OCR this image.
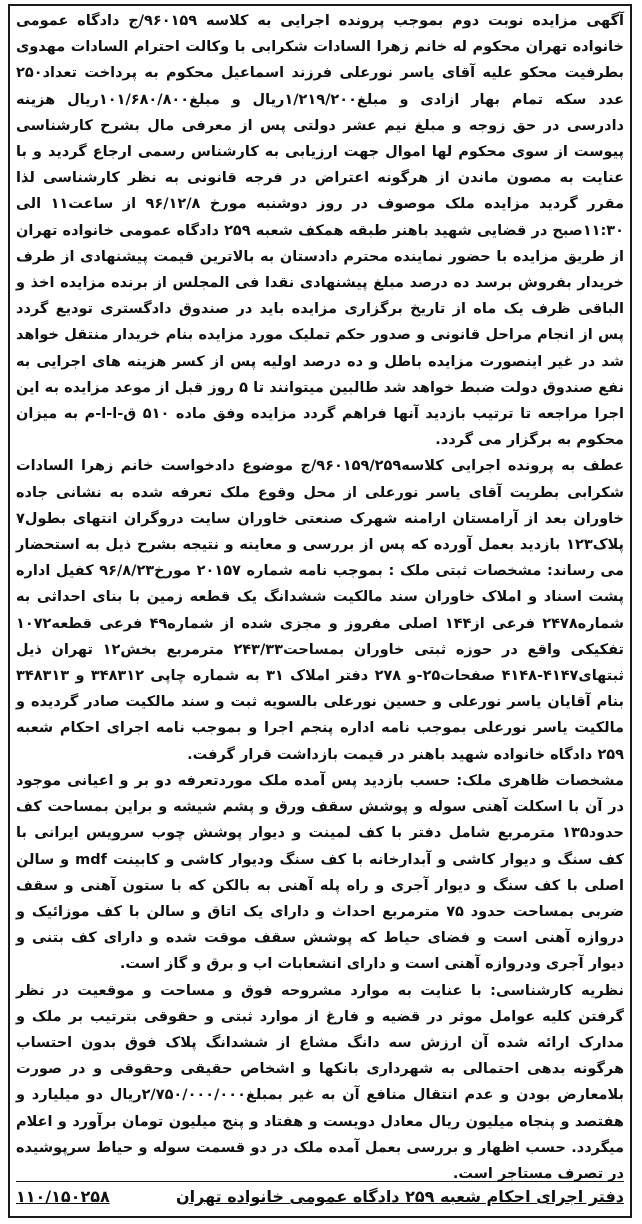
آگهی مزایده نوبت دوم بموجب پرونده اجرایی به کلاسه ۹۶۰۱۵۹/ج دادگاه عمومی خانواده تهران محکوم له خانم زهرا السادات شکرابی با وکالت احترام السادات مهدوی بطرفیت محکو علیه آقای یاسر نورعلی فرزند اسماعیل محکوم به پرداخت تعداد۲۵۰ عدد سکه تمام بهار ازادی و مبلغ۱/۲۱۹/۲۰۰ریال و مبلغ۱۰۱/۶۸۰/۸۰۰ریال هزینه دادرسی در حق زوجه و مبلغ نیم عشر دولتی پس از معرفی مال بشرح کارشناسی پیوست از سوی محکوم لها اموال جهت ارزیابی به کارشناس رسمی ارجاع گردید و با عنایت به مصون ماندن از هرگونه اعتراض در فرجه قانونی به نظر کارشناسی لذا مقرر گردید مزایده ملک موصوف در روز دوشنبه مورخ ۹۶/۱۲/۸ از ساعت۱۱ الی ۱۱:۳۰صبح در قضایی شهید باهنر طبقه همکف شعبه ۲۵۹ دادگاه عمومی خانواده تهران از طریق مزایده با حضور نماینده محترم دادستان به بالاترین قیمت پیشنهادی از طرف خریدار بفروش برسد ده درصد مبلغ پیشنهادی نقدا فی المجلس از برنده مزایده اخذ و الباقی ظرف یک ماه از تاریخ برگزاری مزایده باید در صندوق دادگستری تودیع گردد پس از انجام مراحل قانونی و صدور حکم تملیک مورد مزایده بنام خریدار منتقل خواهد شد در غیر اینصورت مزایده باطل و ده درصد اولیه پس از کسر هزینه های اجرایی به نفع صندوق دولت ضبط خواهد شد طالبین میتوانند تا ۵ روز قبل از موعد مزایده به این اجرا مراجعه تا ترتیب بازدید آنها فراهم گردد مزایده وفق ماده ۵۱۰ ق-ا-ا-م به میزان محکوم به برگزار می گردد.

عطف به پرونده اجرایی کلاسه۹۶۰۱۵۹/۲۵۹/ج موضوع دادخواست خانم زهرا السادات شکرابی بطریت آقای یاسر نورعلی از محل وقوع ملک تعرفه شده به نشانی جاده خاوران بعد از آرامستان ارامنه شهرک صنعتی خاوران سایت دروگران انتهای بطول۷ پلاک۱۲۳ بازدید بعمل آورده که پس از بررسی و معاینه و نتیجه بشرح ذیل به استحضار می رساند: مشخصات ثبتی ملک : بموجب نامه شماره ۲۰۱۵۷ مورخ۹۶/۸/۲۳ کفیل اداره پشت اسناد و املاک خاوران سند مالکیت ششدانگ یک قطعه زمین با بنای احداثی به شماره۲۴۷۸ فرعی از۱۴۴ اصلی مفروز و مجزی شده از شماره۴۹ فرعی قطعه۱۰۷۲ تفکیکی واقع در حوزه ثبتی خاوران بمساحت۲۴۳/۳۳ مترمربع بخش۱۲ تهران ذیل ثبتهای۴۱۴۷-۴۱۴۸ صفحات۲۵-و ۲۷۸ دفتر املاک ۳۱ به شماره چاپی ۳۴۸۳۱۲ و ۳۴۸۳۱۳ بنام آقایان یاسر نورعلی و حسین نورعلی بالسویه ثبت و سند مالکیت صادر گردیده و مالکیت یاسر نورعلی بموجب نامه اداره پنجم اجرا و بموجب نامه اجرای احکام شعبه ۲۵۹ دادگاه خانواده شهید باهنر در قیمت بازداشت قرار گرفت.

مشخصات ظاهری ملک: حسب بازدید پس آمده ملک موردتعرفه دو بر و اعیانی موجود در آن با اسکلت آهنی سوله و پوشش سقف ورق و پشم شیشه و براین بمساحت کف حدود۱۳۵ مترمربع شامل دفتر با کف لمینت و دیوار پوشش چوب سرویس ایرانی با کف سنگ و دیوار کاشی و آبدارخانه با کف سنگ ودیوار کاشی و کابینت mdf و سالن اصلی با کف سنگ و دیوار آجری و راه پله آهنی به بالکن که با ستون آهنی و سقف ضربی بمساحت حدود ۷۵ مترمربع احداث و دارای یک اتاق و سالن با کف موزائیک و دروازه آهنی است و فضای حیاط که پوشش سقف موقت شده و دارای کف بتنی و دیوار آجری ودروازه آهنی است و دارای انشعابات اب و برق و گاز است.

نظریه کارشناسی: با عنایت به موارد مشروحه فوق و مساحت و موقعیت در نظر گرفتن کلیه عوامل موثر در قضیه و فارغ از موارد ثبتی و حقوقی بترتیب بر ملک و مدارک ارائه شده آن ارزش سه دانگ مشاع از ششدانگ پلاک فوق بدون احتساب هرگونه بدهی احتمالی به شهرداری بانکها و اشخاص حقیقی وحقوقی و در صورت بلامعارض بودن و عدم انتقال منافع آن به غیر بمبلغ۲/۷۵۰/۰۰۰/۰۰۰ریال دو میلیارد و هفتصد و پنجاه میلیون ریال معادل دویست و هفتاد و پنج میلیون تومان برآورد و اعلام میگردد. حسب اظهار و بررسی بعمل آمده ملک در دو قسمت سوله و حیاط سرپوشیده در تصرف مستاجر است.

دفتر اجرای احکام شعبه ۲۵۹ دادگاه عمومی خانواده تهران
۱۱۰/۱۵۰۲۵۸
